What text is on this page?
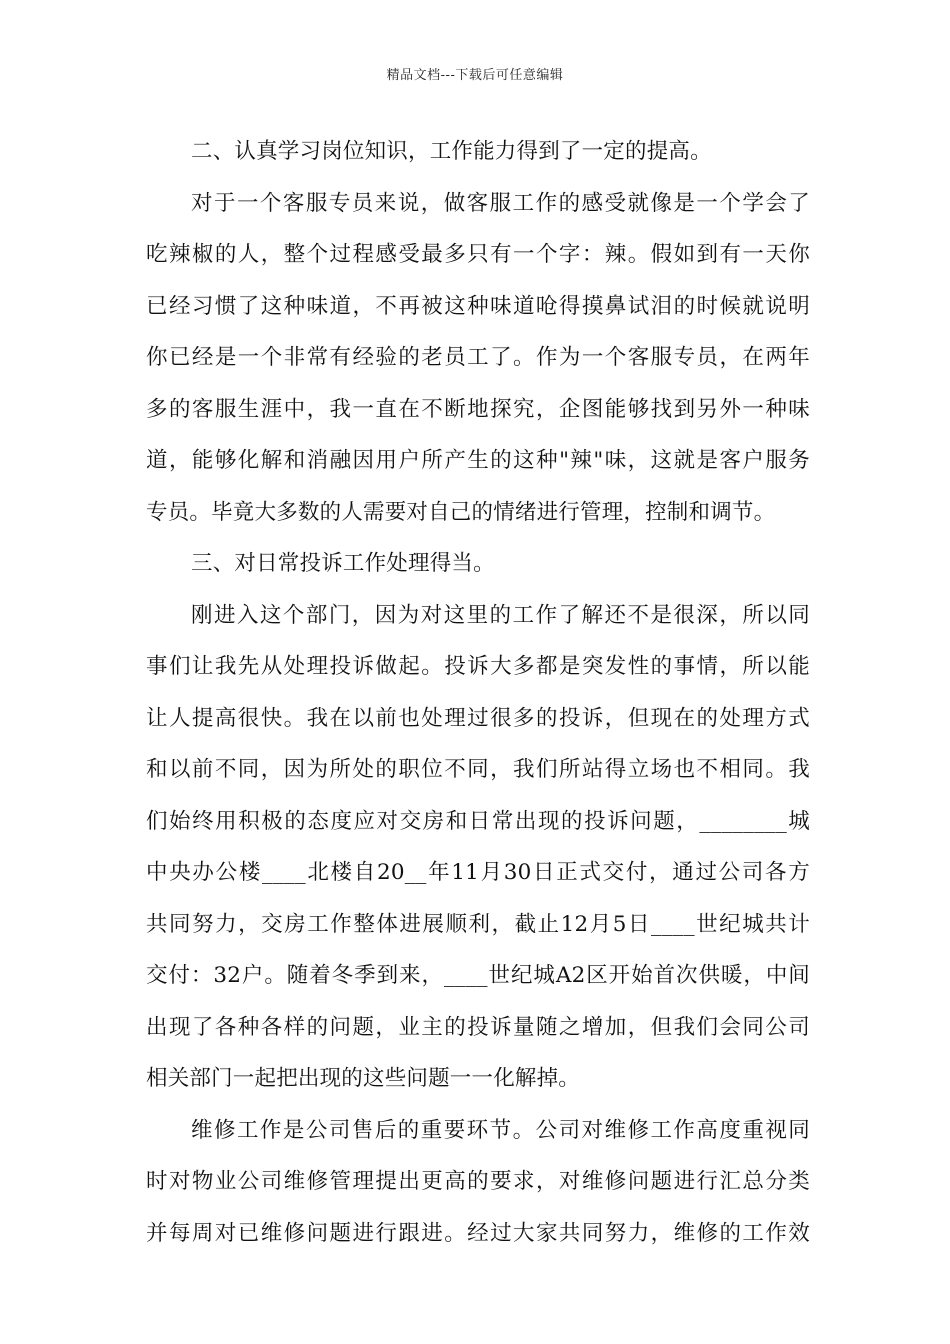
精品文档---下载后可任意编辑
二、认真学习岗位知识，工作能力得到了一定的提高。
对于一个客服专员来说，做客服工作的感受就像是一个学会了
吃辣椒的人，整个过程感受最多只有一个字：辣。假如到有一天你
已经习惯了这种味道，不再被这种味道呛得摸鼻试泪的时候就说明
你已经是一个非常有经验的老员工了。作为一个客服专员，在两年
多的客服生涯中，我一直在不断地探究，企图能够找到另外一种味
道，能够化解和消融因用户所产生的这种"辣"味，这就是客户服务
专员。毕竟大多数的人需要对自己的情绪进行管理，控制和调节。
三、对日常投诉工作处理得当。
刚进入这个部门，因为对这里的工作了解还不是很深，所以同
事们让我先从处理投诉做起。投诉大多都是突发性的事情，所以能
让人提高很快。我在以前也处理过很多的投诉，但现在的处理方式
和以前不同，因为所处的职位不同，我们所站得立场也不相同。我
们始终用积极的态度应对交房和日常出现的投诉问题，________城
中央办公楼____北楼自20__年11月30日正式交付，通过公司各方
共同努力，交房工作整体进展顺利，截止12月5日____世纪城共计
交付：32户。随着冬季到来，____世纪城A2区开始首次供暖，中间
出现了各种各样的问题，业主的投诉量随之增加，但我们会同公司
相关部门一起把出现的这些问题一一化解掉。
维修工作是公司售后的重要环节。公司对维修工作高度重视同
时对物业公司维修管理提出更高的要求，对维修问题进行汇总分类
并每周对已维修问题进行跟进。经过大家共同努力，维修的工作效
